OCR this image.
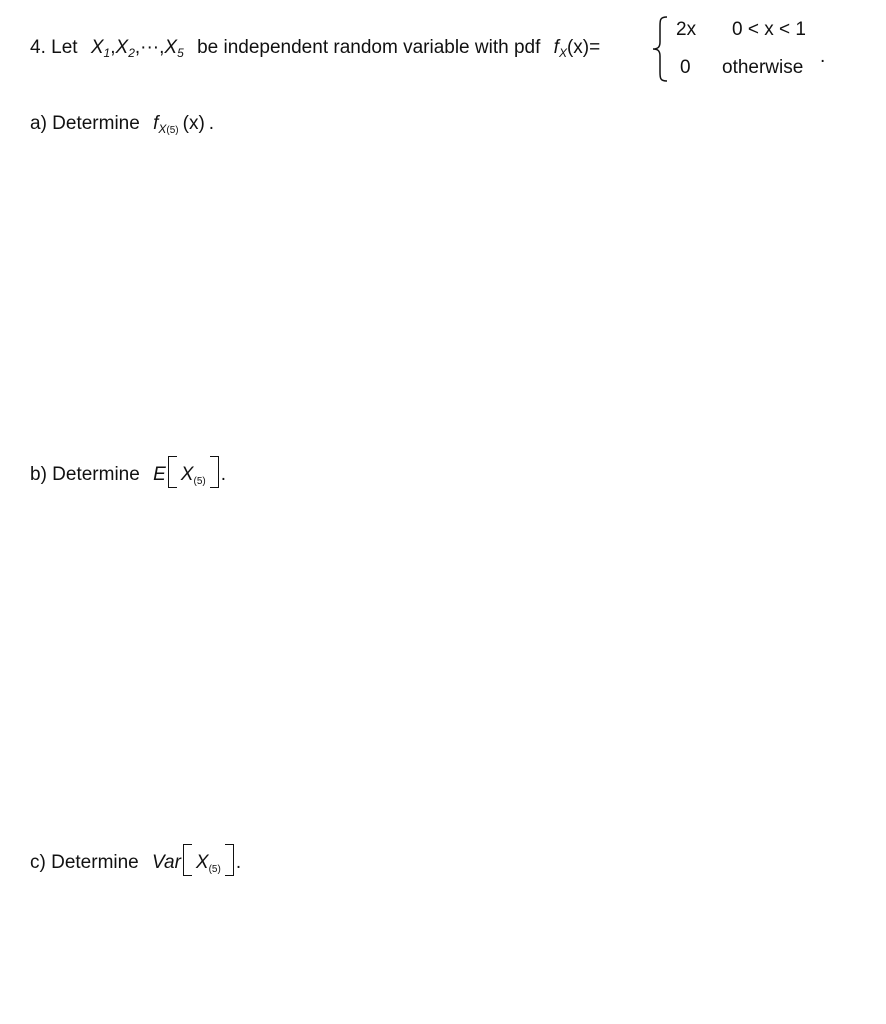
4. Let $X_1,X_2,\cdot\cdot\cdot,X_5$ be independent random variable with pdf $f_X(x)=$
2x 0 < x < 1
0 otherwise
.
a) Determine $f_{X(5)}$ (x) .
b) Determine E $X_{(5)}$ .
c) Determine Var $X_{(5)}$ .
